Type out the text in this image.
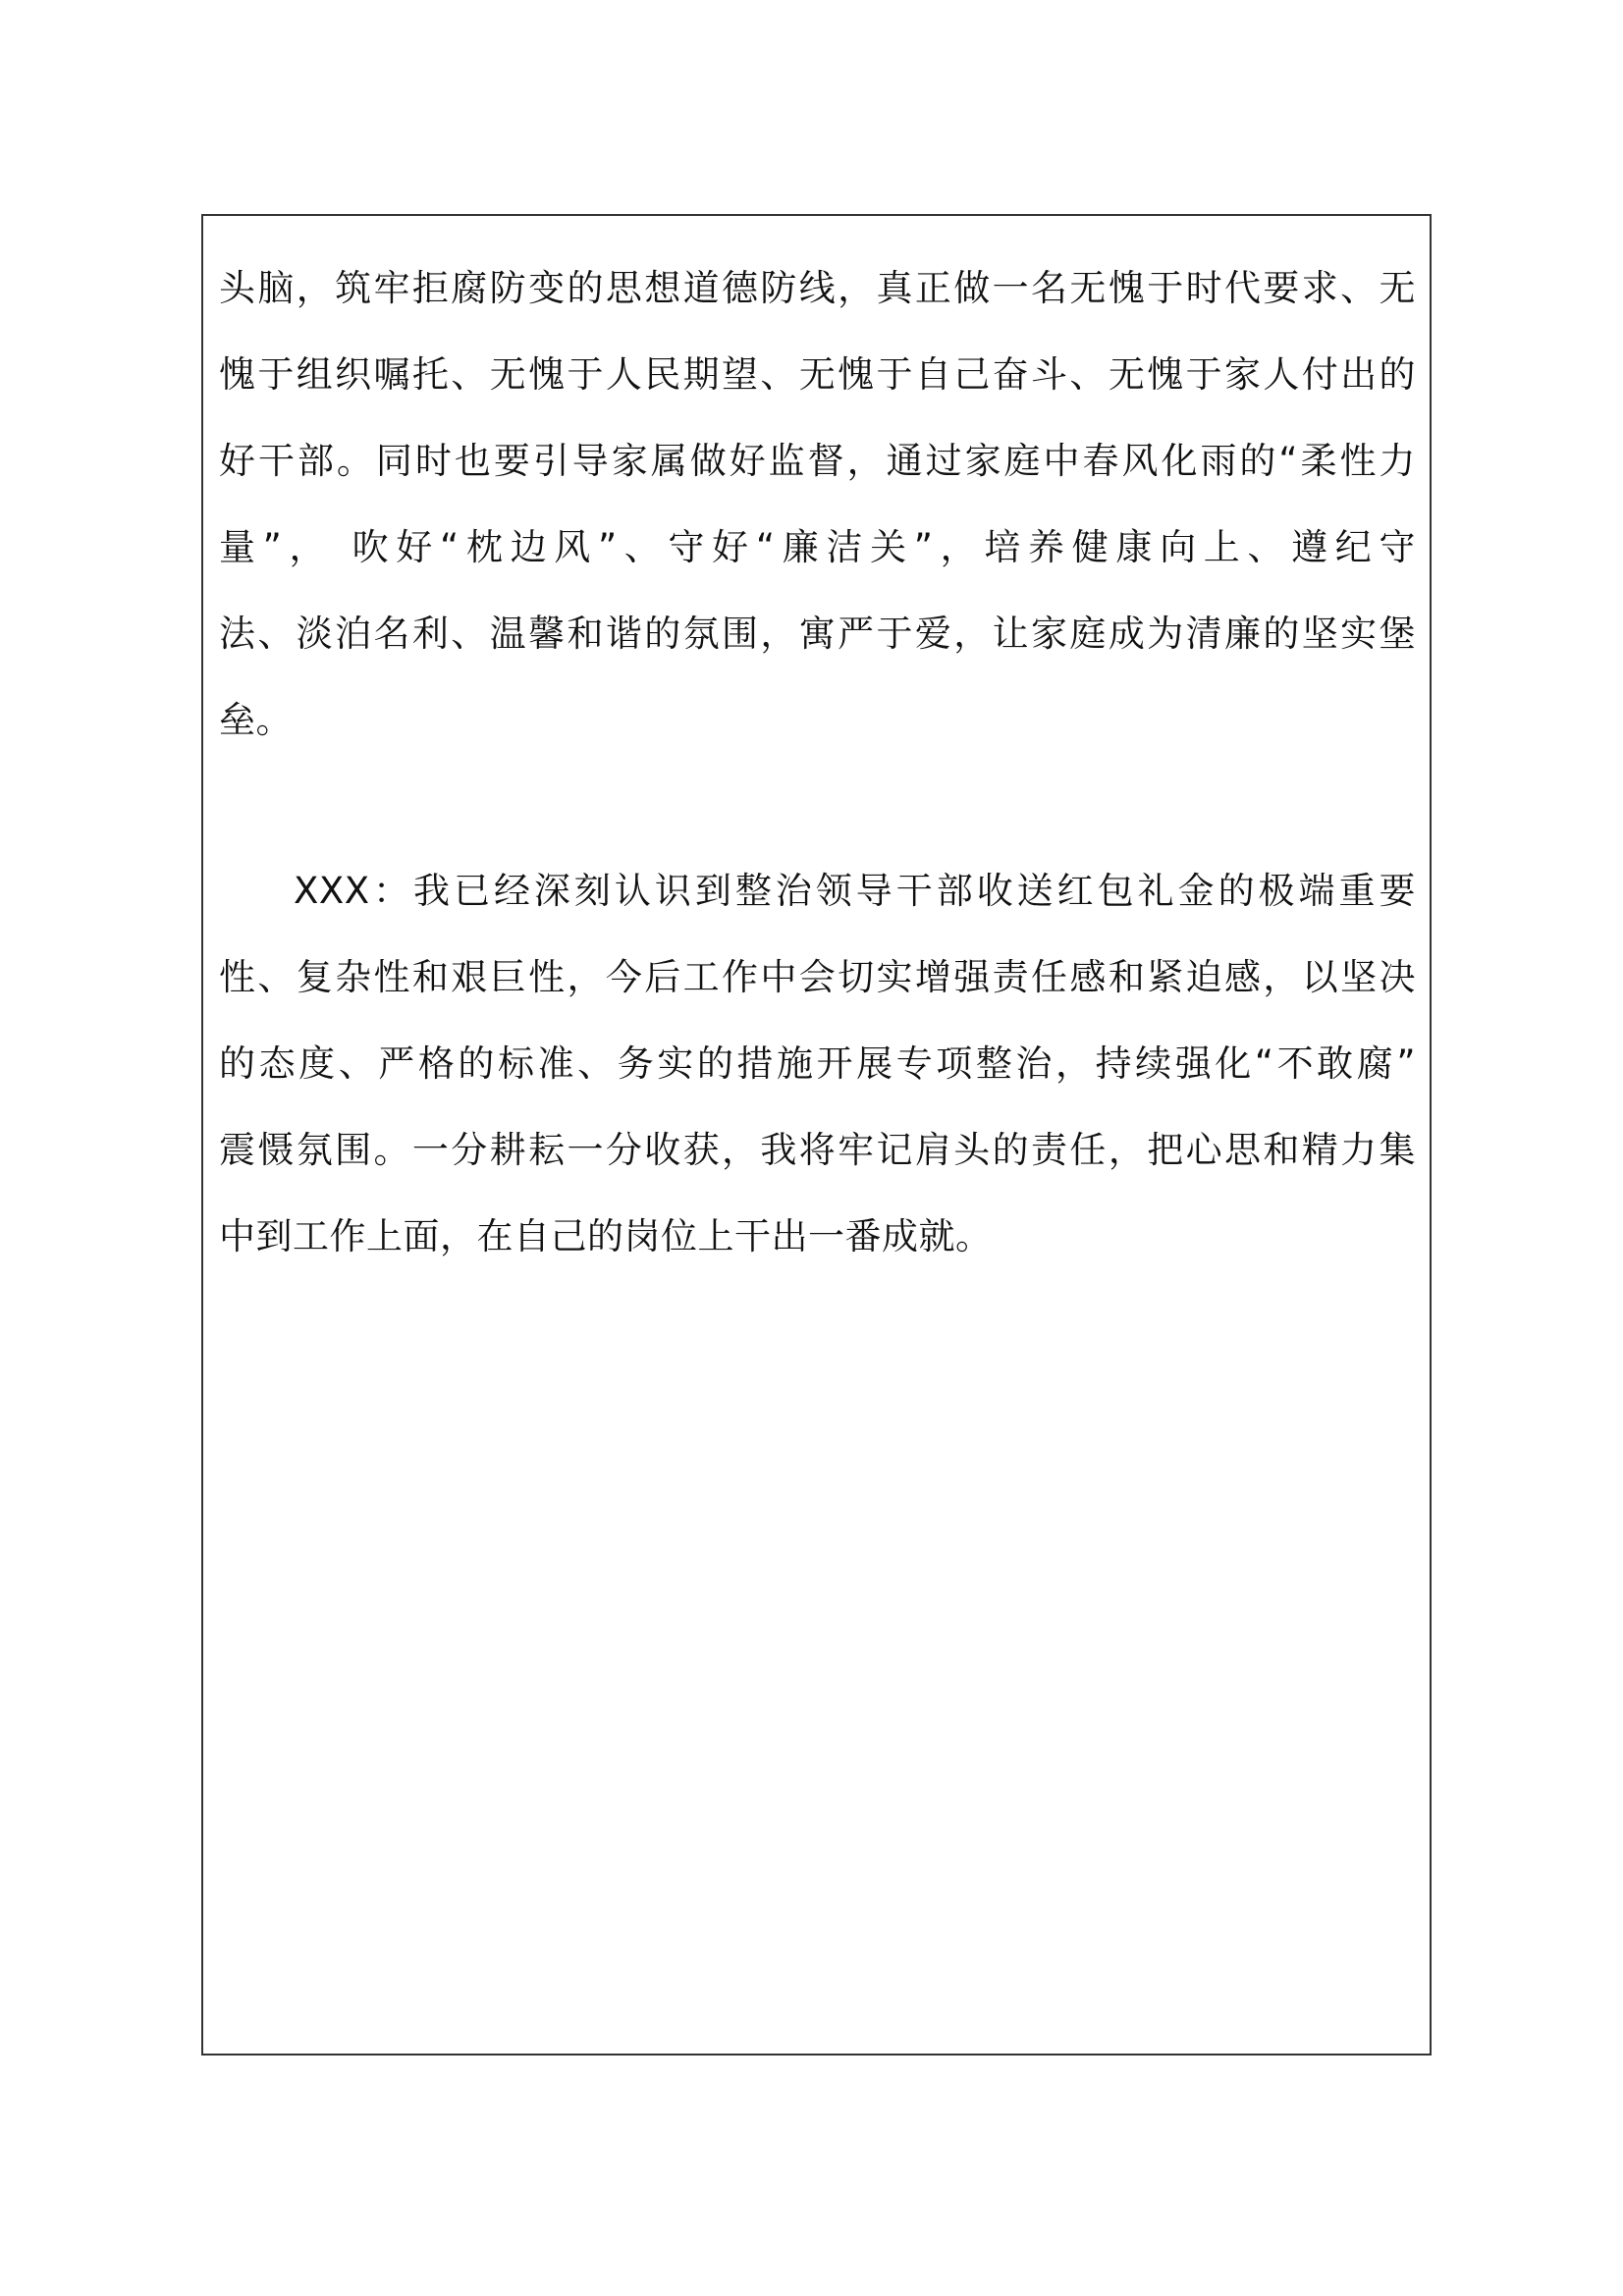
头脑，筑牢拒腐防变的思想道德防线，真正做一名无愧于时代要求、无
愧于组织嘱托、无愧于人民期望、无愧于自己奋斗、无愧于家人付出的
好干部。同时也要引导家属做好监督，通过家庭中春风化雨的“柔性力
量”， 吹好“枕边风”、守好“廉洁关”，培养健康向上、遵纪守
法、淡泊名利、温馨和谐的氛围，寓严于爱，让家庭成为清廉的坚实堡
垒。

XXX：我已经深刻认识到整治领导干部收送红包礼金的极端重要
性、复杂性和艰巨性，今后工作中会切实增强责任感和紧迫感，以坚决
的态度、严格的标准、务实的措施开展专项整治，持续强化“不敢腐”
震慑氛围。一分耕耘一分收获，我将牢记肩头的责任，把心思和精力集
中到工作上面，在自己的岗位上干出一番成就。
